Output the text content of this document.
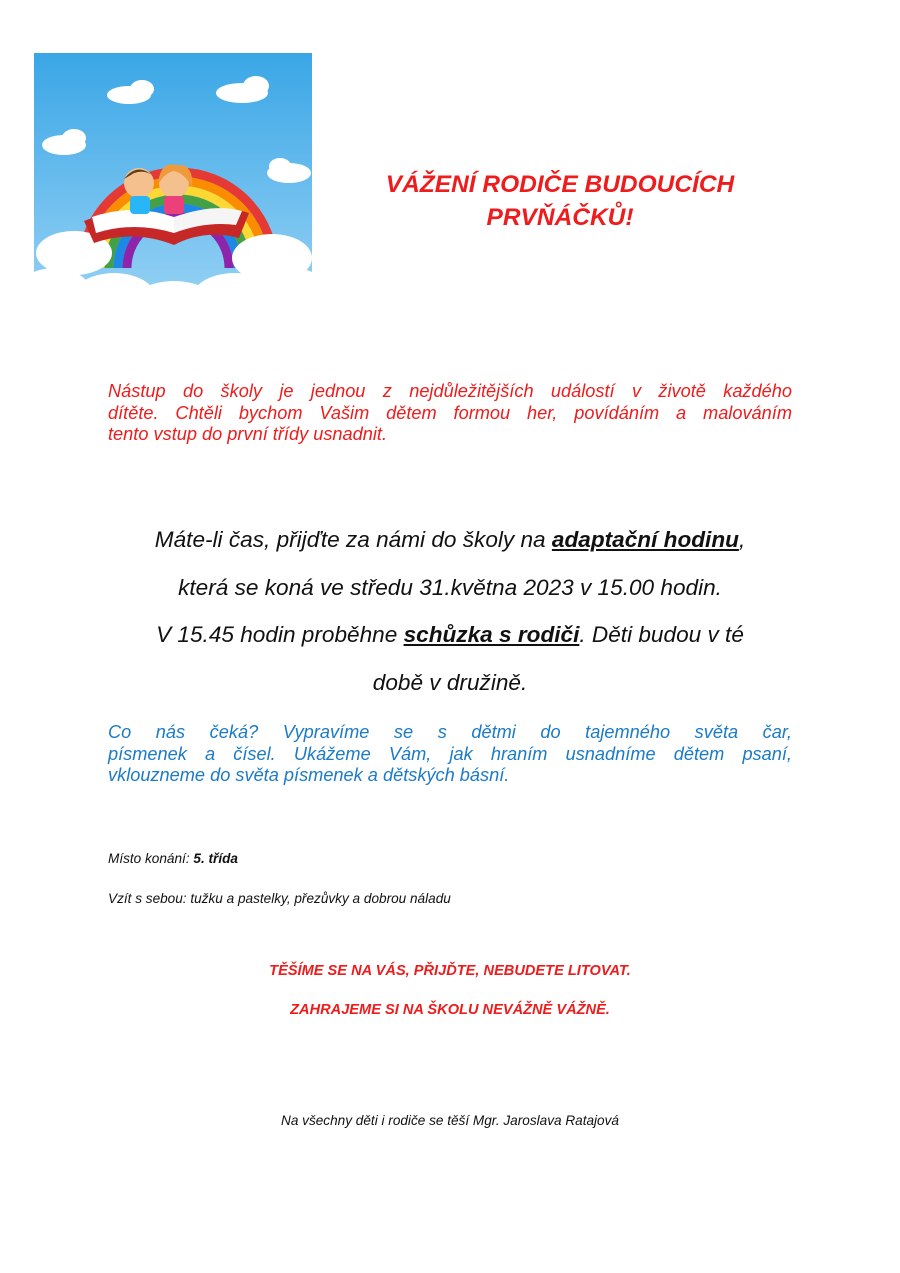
VÁŽENÍ RODIČE BUDOUCÍCH
PRVŇÁČKŮ!
Nástup do školy je jednou z nejdůležitějších událostí v životě každého
dítěte. Chtěli bychom Vašim dětem formou her, povídáním a malováním
tento vstup do první třídy usnadnit.
Máte-li čas, přijďte za námi do školy na adaptační hodinu,
která se koná ve středu 31.května 2023 v 15.00 hodin.
V 15.45 hodin proběhne schůzka s rodiči. Děti budou v té
době v družině.
Co nás čeká? Vypravíme se s dětmi do tajemného světa čar,
písmenek a čísel. Ukážeme Vám, jak hraním usnadníme dětem psaní,
vklouzneme do světa písmenek a dětských básní.
Místo konání: 5. třída
Vzít s sebou: tužku a pastelky, přezůvky a dobrou náladu
TĚŠÍME SE NA VÁS, PŘIJĎTE, NEBUDETE LITOVAT.
ZAHRAJEME SI NA ŠKOLU NEVÁŽNĚ VÁŽNĚ.
Na všechny děti i rodiče se těší Mgr. Jaroslava Ratajová
